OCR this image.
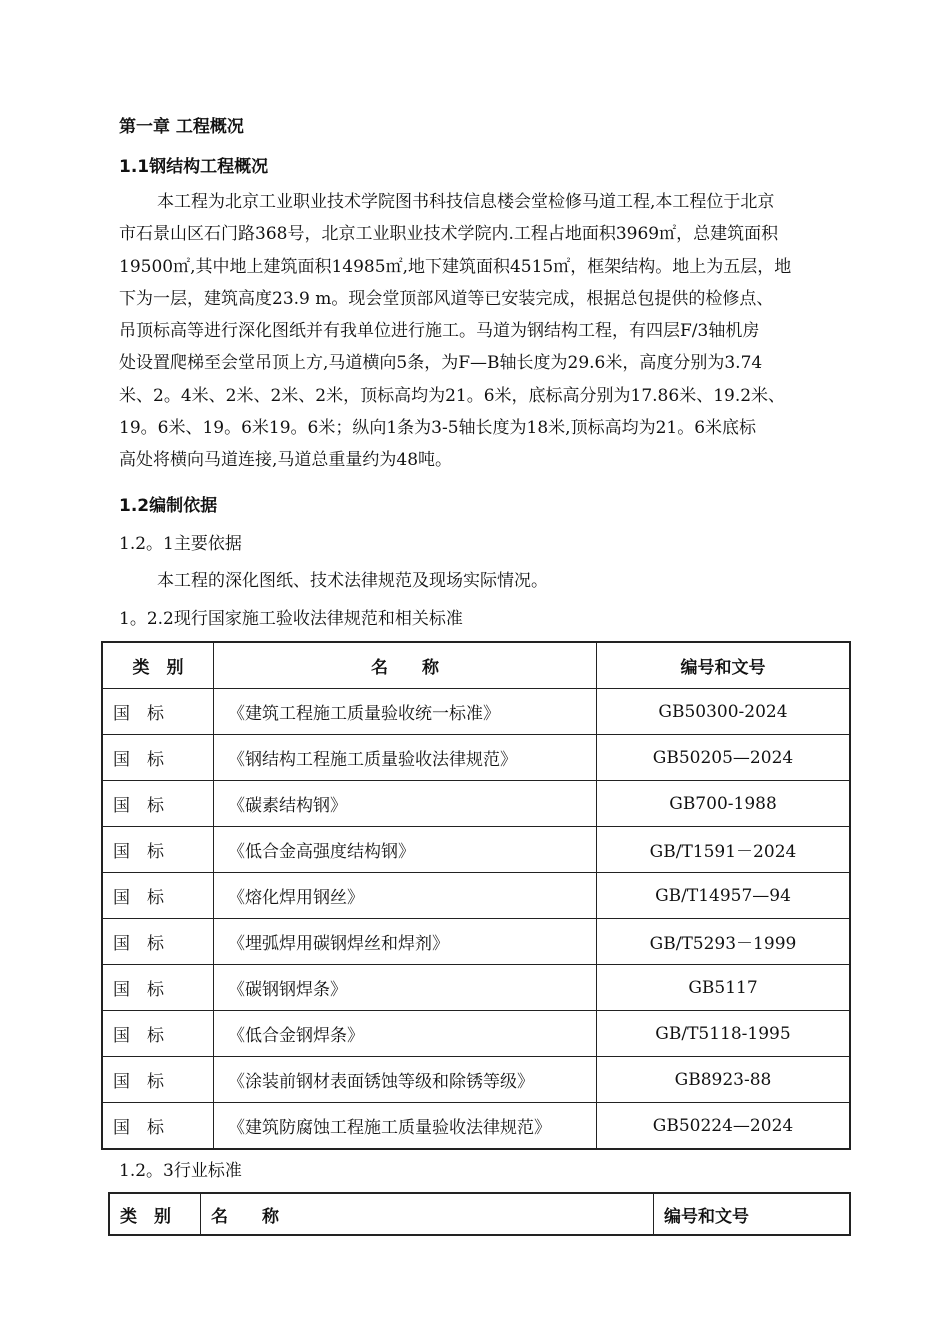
第一章 工程概况
1.1钢结构工程概况
本工程为北京工业职业技术学院图书科技信息楼会堂检修马道工程,本工程位于北京
市石景山区石门路368号，北京工业职业技术学院内.工程占地面积3969㎡，总建筑面积
19500㎡,其中地上建筑面积14985㎡,地下建筑面积4515㎡，框架结构。地上为五层，地
下为一层，建筑高度23.9 m。现会堂顶部风道等已安装完成，根据总包提供的检修点、
吊顶标高等进行深化图纸并有我单位进行施工。马道为钢结构工程，有四层F/3轴机房
处设置爬梯至会堂吊顶上方,马道横向5条，为F—B轴长度为29.6米，高度分别为3.74
米、2。4米、2米、2米、2米，顶标高均为21。6米，底标高分别为17.86米、19.2米、
19。6米、19。6米19。6米；纵向1条为3-5轴长度为18米,顶标高均为21。6米底标
高处将横向马道连接,马道总重量约为48吨。
1.2编制依据
1.2。1主要依据
本工程的深化图纸、技术法律规范及现场实际情况。
1。2.2现行国家施工验收法律规范和相关标准
类　别	名　　称	编号和文号
国　标	《建筑工程施工质量验收统一标准》	GB50300-2024
国　标	《钢结构工程施工质量验收法律规范》	GB50205—2024
国　标	《碳素结构钢》	GB700-1988
国　标	《低合金高强度结构钢》	GB/T1591－2024
国　标	《熔化焊用钢丝》	GB/T14957—94
国　标	《埋弧焊用碳钢焊丝和焊剂》	GB/T5293－1999
国　标	《碳钢钢焊条》	GB5117
国　标	《低合金钢焊条》	GB/T5118-1995
国　标	《涂装前钢材表面锈蚀等级和除锈等级》	GB8923-88
国　标	《建筑防腐蚀工程施工质量验收法律规范》	GB50224—2024
1.2。3行业标准
类　别	名　　称	编号和文号
